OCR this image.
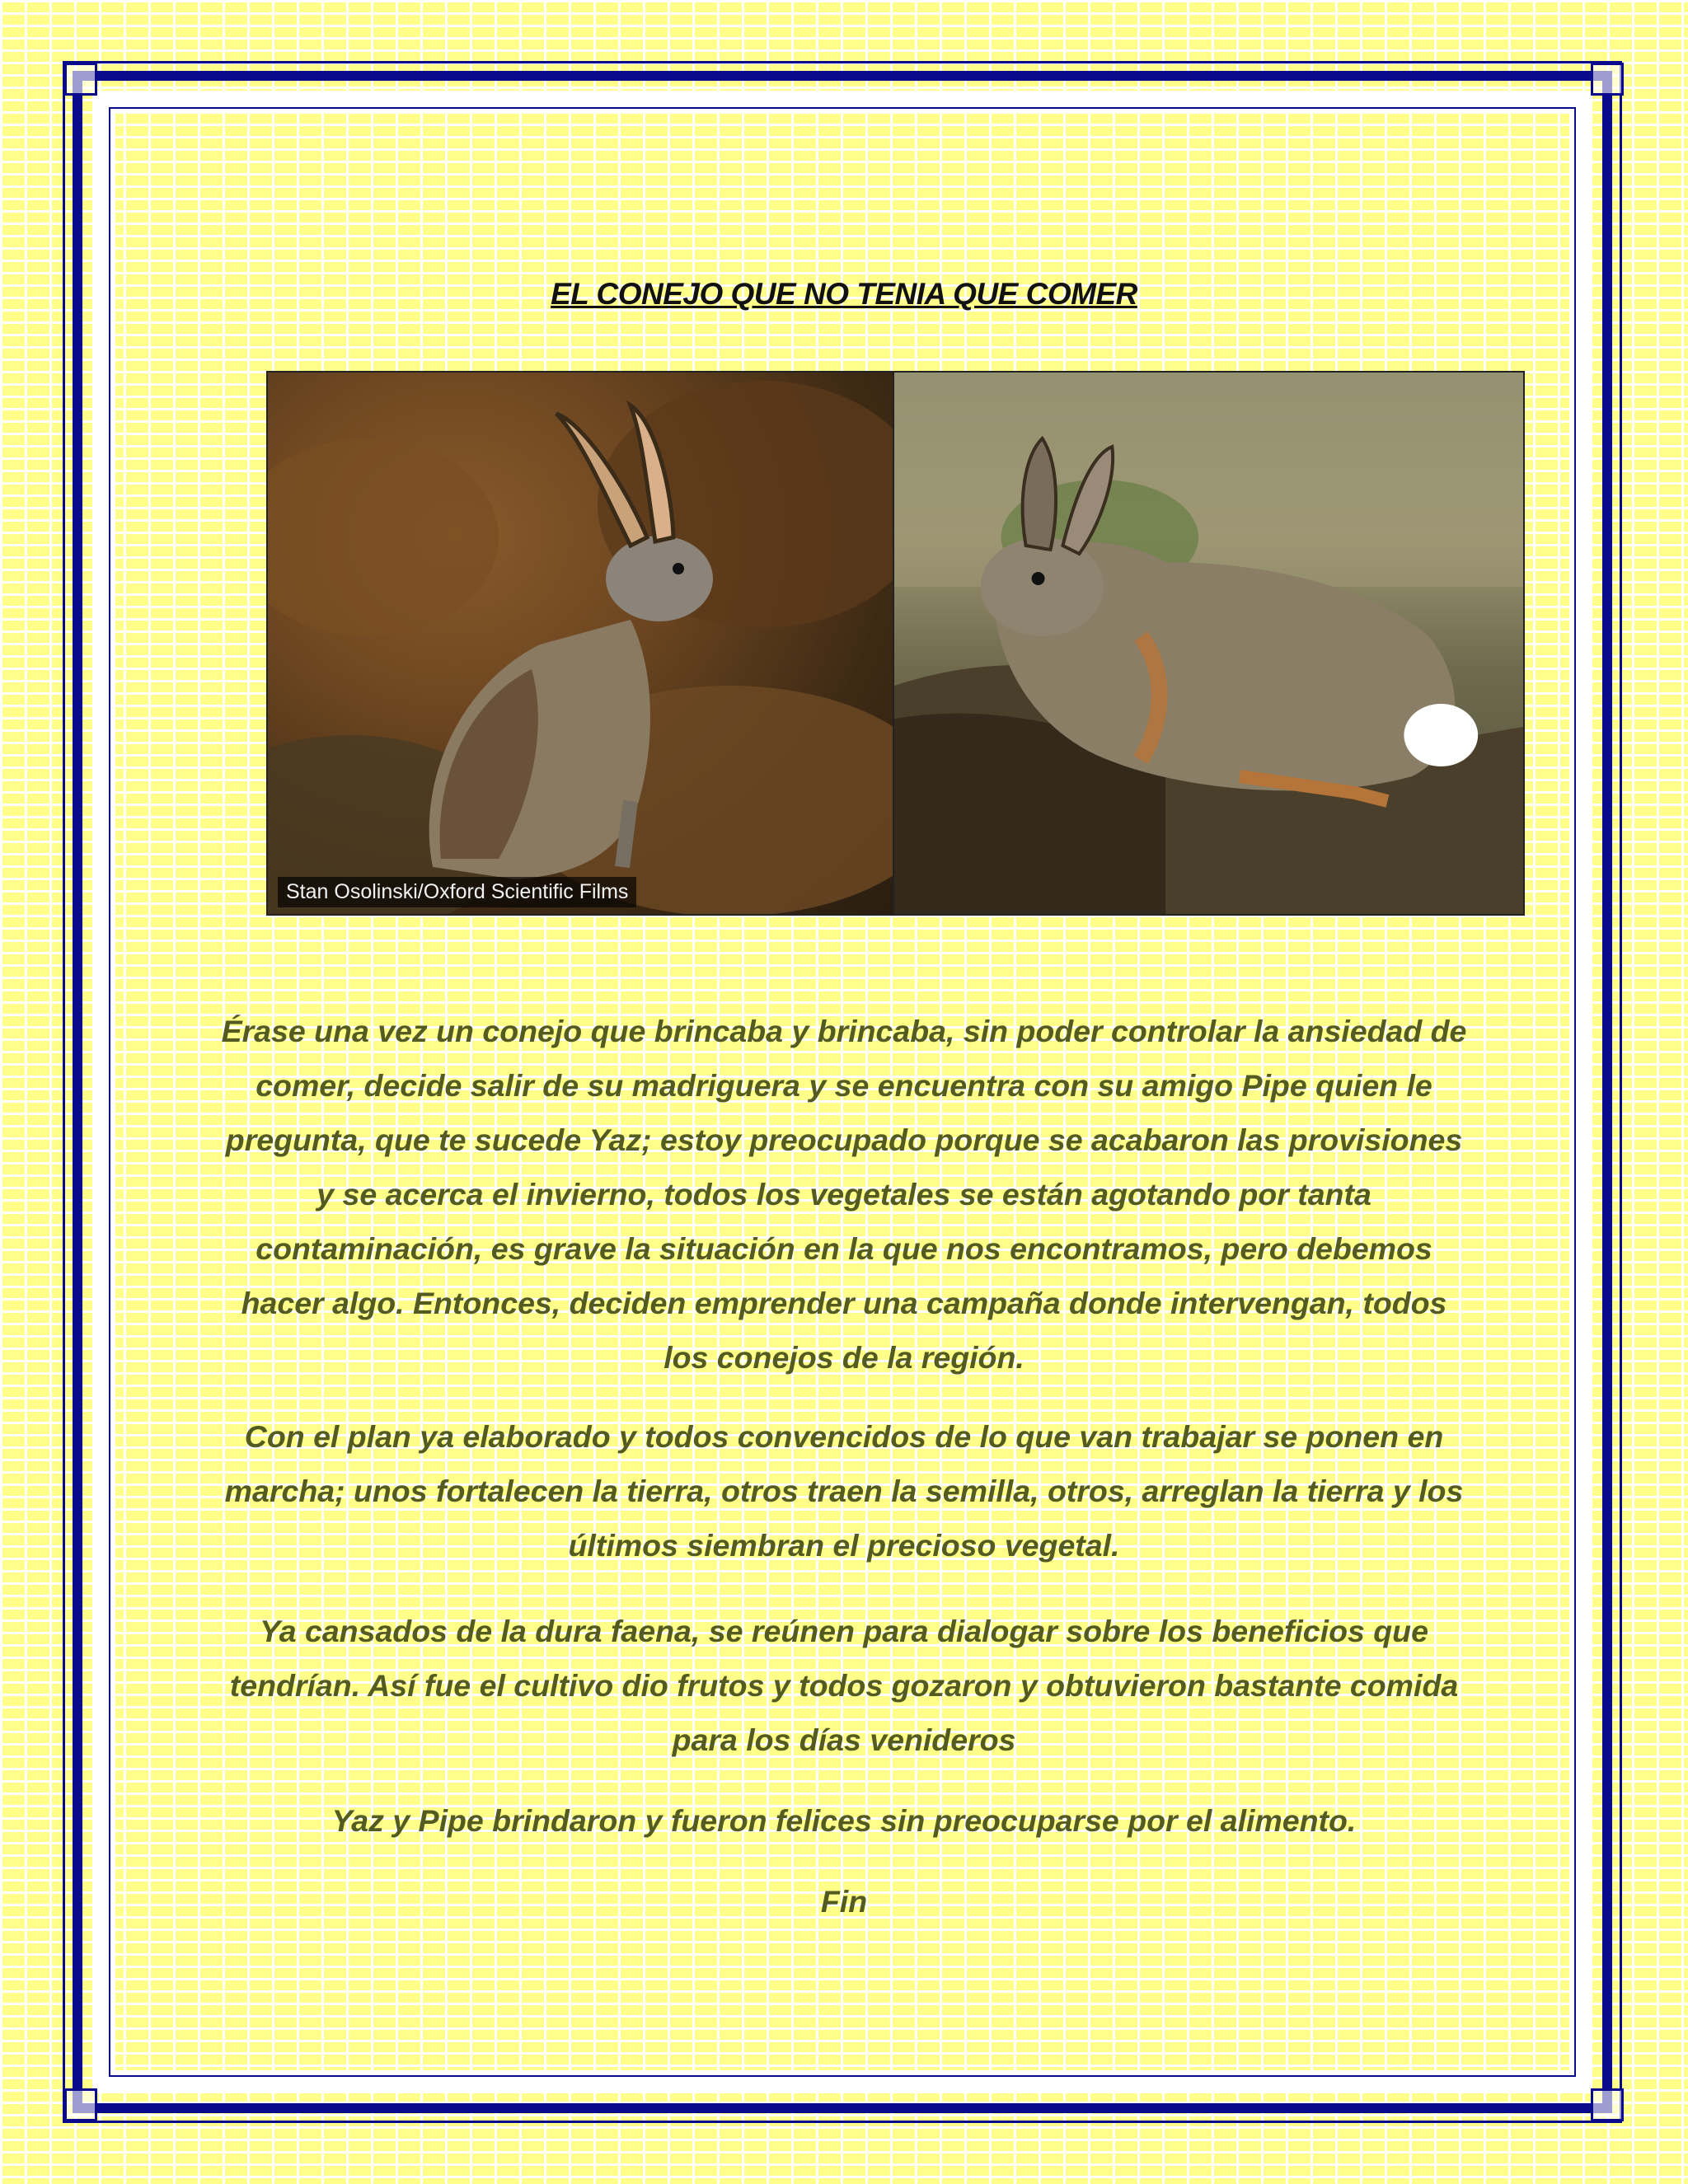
EL CONEJO QUE NO TENIA QUE COMER
Stan Osolinski/Oxford Scientific Films

Érase una vez un conejo que brincaba y brincaba, sin poder controlar la ansiedad de comer, decide salir de su madriguera y se encuentra con su amigo Pipe quien le pregunta, que te sucede Yaz; estoy preocupado porque se acabaron las provisiones y se acerca el invierno, todos los vegetales se están agotando por tanta contaminación, es grave la situación en la que nos encontramos, pero debemos hacer algo. Entonces, deciden emprender una campaña donde intervengan, todos los conejos de la región.

Con el plan ya elaborado y todos convencidos de lo que van trabajar se ponen en marcha; unos fortalecen la tierra, otros traen la semilla, otros, arreglan la tierra y los últimos siembran el precioso vegetal.

Ya cansados de la dura faena, se reúnen para dialogar sobre los beneficios que tendrían. Así fue el cultivo dio frutos y todos gozaron y obtuvieron bastante comida para los días venideros

Yaz y Pipe brindaron y fueron felices sin preocuparse por el alimento.

Fin
